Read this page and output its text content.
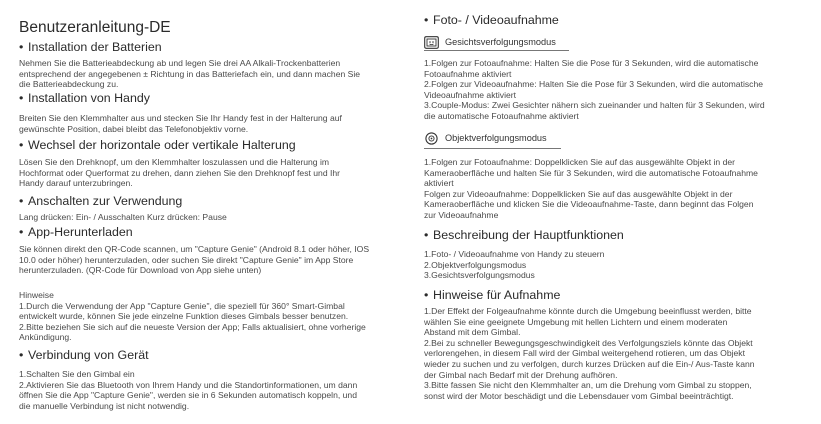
Benutzeranleitung-DE
• Installation der Batterien

Nehmen Sie die Batterieabdeckung ab und legen Sie drei AA Alkali-Trockenbatterien

entsprechend der angegebenen ± Richtung in das Batteriefach ein, und dann machen Sie

die Batterieabdeckung zu.

• Installation von Handy

Breiten Sie den Klemmhalter aus und stecken Sie Ihr Handy fest in der Halterung auf

gewünschte Position, dabei bleibt das Telefonobjektiv vorne.

• Wechsel der horizontale oder vertikale Halterung

Lösen Sie den Drehknopf, um den Klemmhalter loszulassen und die Halterung im

Hochformat oder Querformat zu drehen, dann ziehen Sie den Drehknopf fest und Ihr

Handy darauf unterzubringen.

• Anschalten zur Verwendung

Lang drücken: Ein- / Ausschalten Kurz drücken: Pause

• App-Herunterladen

Sie können direkt den QR-Code scannen, um "Capture Genie" (Android 8.1 oder höher, IOS

10.0 oder höher) herunterzuladen, oder suchen Sie direkt "Capture Genie" im App Store

herunterzuladen. (QR-Code für Download von App siehe unten)

Hinweise

1.Durch die Verwendung der App "Capture Genie", die speziell für 360° Smart-Gimbal

entwickelt wurde, können Sie jede einzelne Funktion dieses Gimbals besser benutzen.

2.Bitte beziehen Sie sich auf die neueste Version der App; Falls aktualisiert, ohne vorherige

Ankündigung.

• Verbindung von Gerät

1.Schalten Sie den Gimbal ein

2.Aktivieren Sie das Bluetooth von Ihrem Handy und die Standortinformationen, um dann

öffnen Sie die App "Capture Genie", werden sie in 6 Sekunden automatisch koppeln, und

die manuelle Verbindung ist nicht notwendig.

• Foto- / Videoaufnahme
Gesichtsverfolgungsmodus

1.Folgen zur Fotoaufnahme: Halten Sie die Pose für 3 Sekunden, wird die automatische

Fotoaufnahme aktiviert

2.Folgen zur Videoaufnahme: Halten Sie die Pose für 3 Sekunden, wird die automatische

Videoaufnahme aktiviert

3.Couple-Modus: Zwei Gesichter nähern sich zueinander und halten für 3 Sekunden, wird

die automatische Fotoaufnahme aktiviert

Objektverfolgungsmodus

1.Folgen zur Fotoaufnahme: Doppelklicken Sie auf das ausgewählte Objekt in der

Kameraoberfläche und halten Sie für 3 Sekunden, wird die automatische Fotoaufnahme

aktiviert

Folgen zur Videoaufnahme: Doppelklicken Sie auf das ausgewählte Objekt in der

Kameraoberfläche und klicken Sie die Videoaufnahme-Taste, dann beginnt das Folgen

zur Videoaufnahme

• Beschreibung der Hauptfunktionen

1.Foto- / Videoaufnahme von Handy zu steuern

2.Objektverfolgungsmodus

3.Gesichtsverfolgungsmodus

• Hinweise für Aufnahme

1.Der Effekt der Folgeaufnahme könnte durch die Umgebung beeinflusst werden, bitte

wählen Sie eine geeignete Umgebung mit hellen Lichtern und einem moderaten

Abstand mit dem Gimbal.

2.Bei zu schneller Bewegungsgeschwindigkeit des Verfolgungsziels könnte das Objekt

verlorengehen, in diesem Fall wird der Gimbal weitergehend rotieren, um das Objekt

wieder zu suchen und zu verfolgen, durch kurzes Drücken auf die Ein-/ Aus-Taste kann

der Gimbal nach Bedarf mit der Drehung aufhören.

3.Bitte fassen Sie nicht den Klemmhalter an, um die Drehung vom Gimbal zu stoppen,

sonst wird der Motor beschädigt und die Lebensdauer vom Gimbal beeinträchtigt.
